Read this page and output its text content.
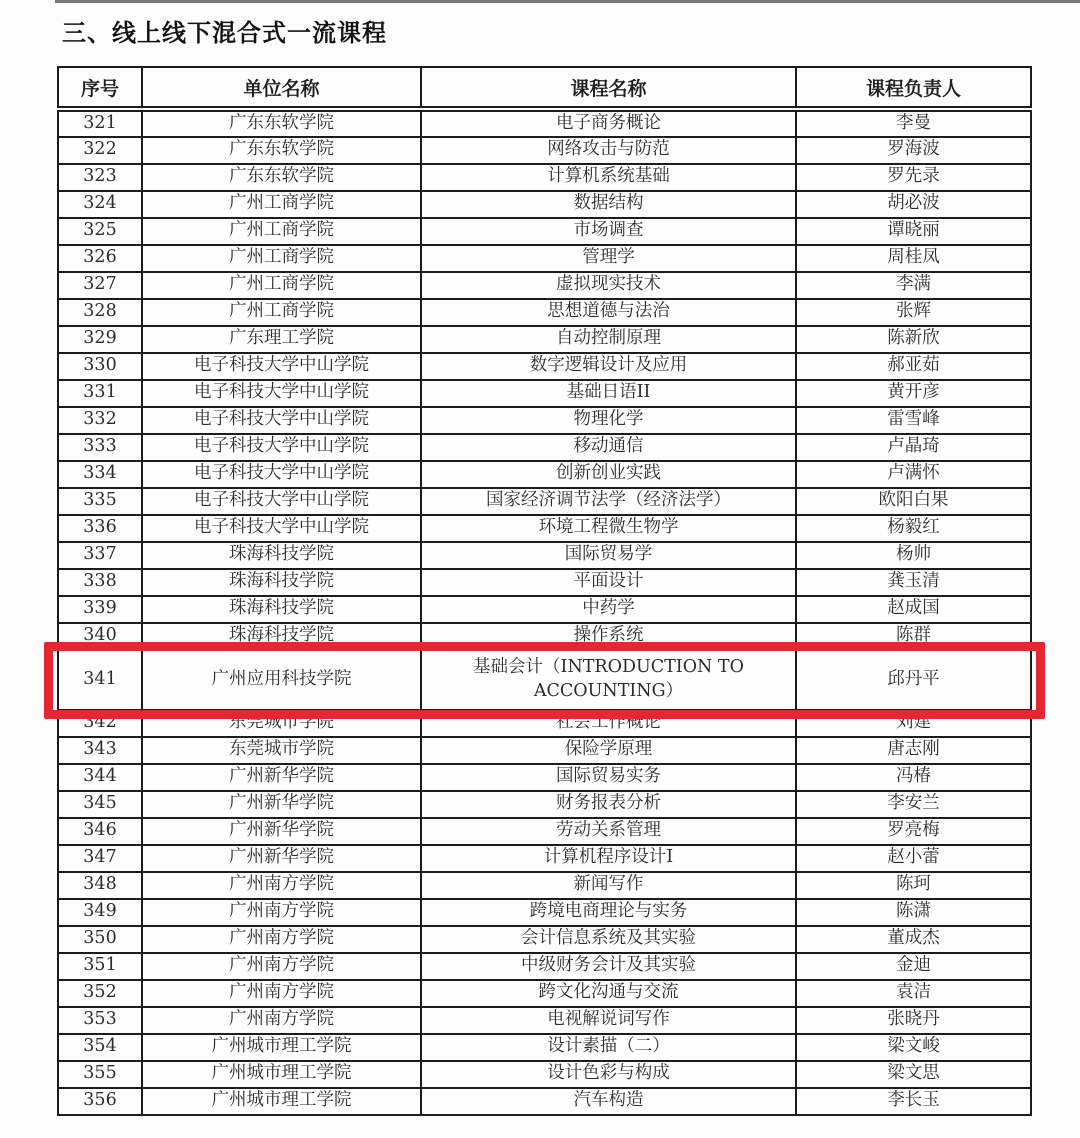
三、线上线下混合式一流课程
序号	单位名称	课程名称	课程负责人
321	广东东软学院	电子商务概论	李曼
322	广东东软学院	网络攻击与防范	罗海波
323	广东东软学院	计算机系统基础	罗先录
324	广州工商学院	数据结构	胡必波
325	广州工商学院	市场调查	谭晓丽
326	广州工商学院	管理学	周桂凤
327	广州工商学院	虚拟现实技术	李满
328	广州工商学院	思想道德与法治	张辉
329	广东理工学院	自动控制原理	陈新欣
330	电子科技大学中山学院	数字逻辑设计及应用	郝亚茹
331	电子科技大学中山学院	基础日语II	黄开彦
332	电子科技大学中山学院	物理化学	雷雪峰
333	电子科技大学中山学院	移动通信	卢晶琦
334	电子科技大学中山学院	创新创业实践	卢满怀
335	电子科技大学中山学院	国家经济调节法学（经济法学）	欧阳白果
336	电子科技大学中山学院	环境工程微生物学	杨毅红
337	珠海科技学院	国际贸易学	杨帅
338	珠海科技学院	平面设计	龚玉清
339	珠海科技学院	中药学	赵成国
340	珠海科技学院	操作系统	陈群
341	广州应用科技学院	基础会计（INTRODUCTION TO ACCOUNTING）	邱丹平
342	东莞城市学院	社会工作概论	刘建
343	东莞城市学院	保险学原理	唐志刚
344	广州新华学院	国际贸易实务	冯椿
345	广州新华学院	财务报表分析	李安兰
346	广州新华学院	劳动关系管理	罗亮梅
347	广州新华学院	计算机程序设计I	赵小蕾
348	广州南方学院	新闻写作	陈珂
349	广州南方学院	跨境电商理论与实务	陈潇
350	广州南方学院	会计信息系统及其实验	董成杰
351	广州南方学院	中级财务会计及其实验	金迪
352	广州南方学院	跨文化沟通与交流	袁洁
353	广州南方学院	电视解说词写作	张晓丹
354	广州城市理工学院	设计素描（二）	梁文峻
355	广州城市理工学院	设计色彩与构成	梁文思
356	广州城市理工学院	汽车构造	李长玉
